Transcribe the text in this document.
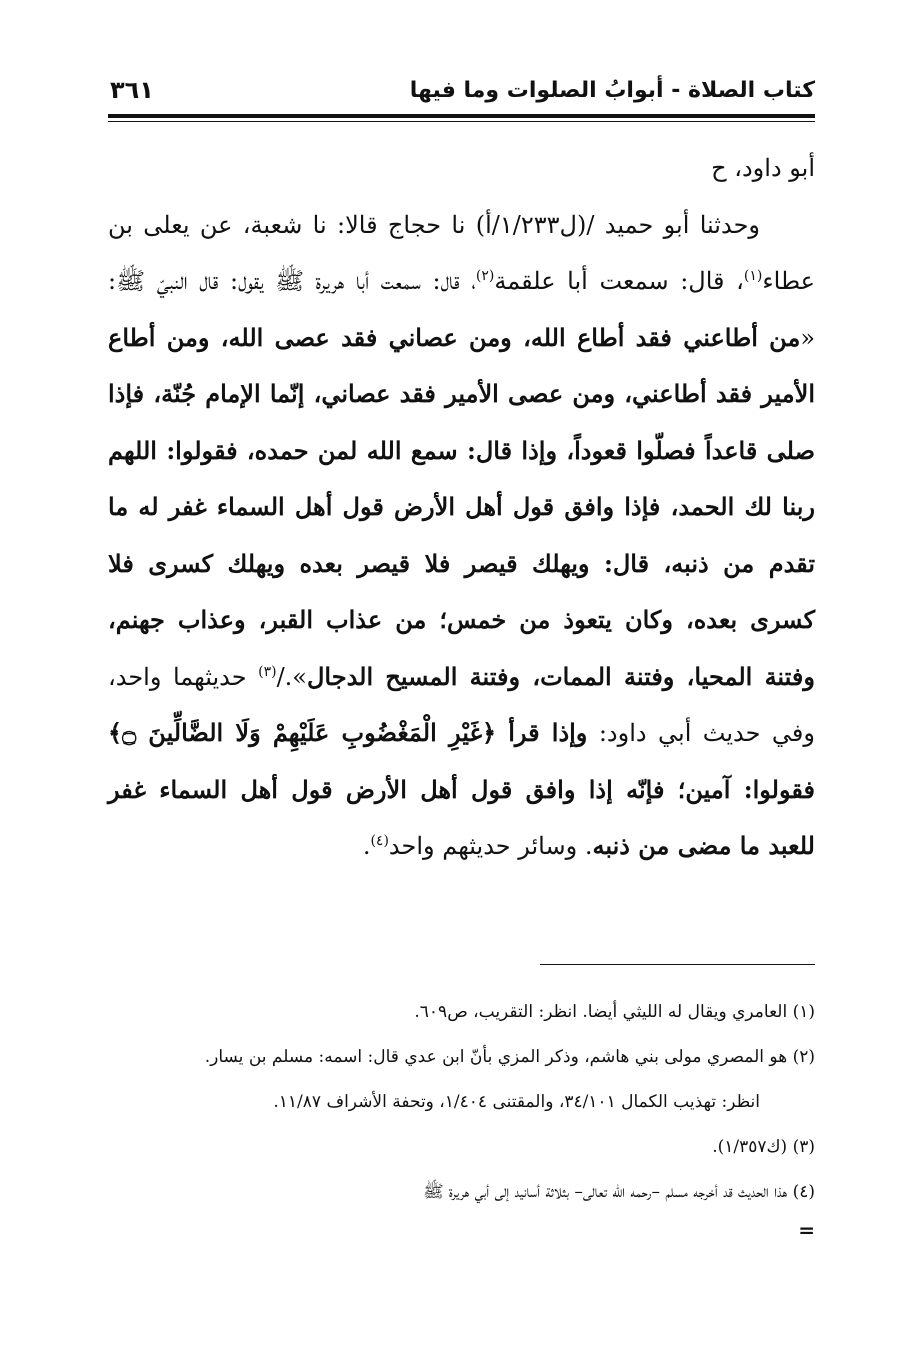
كتاب الصلاة - أبوابُ الصلوات وما فيها
٣٦١

أبو داود، ح

وحدثنا أبو حميد /(ل١/٢٣٣/أ) نا حجاج قالا: نا شعبة، عن يعلى بن عطاء$^{(١)}$، قال: سمعت أبا علقمة$^{(٢)}$، قال: سمعت أبا هريرة ﷺ يقول: قال النبيّ ﷺ: «من أطاعني فقد أطاع الله، ومن عصاني فقد عصى الله، ومن أطاع الأمير فقد أطاعني، ومن عصى الأمير فقد عصاني، إنّما الإمام جُنّة، فإذا صلى قاعداً فصلّوا قعوداً، وإذا قال: سمع الله لمن حمده، فقولوا: اللهم ربنا لك الحمد، فإذا وافق قول أهل الأرض قول أهل السماء غفر له ما تقدم من ذنبه، قال: ويهلك قيصر فلا قيصر بعده ويهلك كسرى فلا كسرى بعده، وكان يتعوذ من خمس؛ من عذاب القبر، وعذاب جهنم، وفتنة المحيا، وفتنة الممات، وفتنة المسيح الدجال»./$^{(٣)}$ حديثهما واحد، وفي حديث أبي داود: وإذا قرأ ﴿غَيْرِ الْمَغْضُوبِ عَلَيْهِمْ وَلَا الضَّالِّينَ ۝﴾ فقولوا: آمين؛ فإنّه إذا وافق قول أهل الأرض قول أهل السماء غفر للعبد ما مضى من ذنبه. وسائر حديثهم واحد$^{(٤)}$.

(١) العامري ويقال له الليثي أيضا. انظر: التقريب، ص٦٠٩.

(٢) هو المصري مولى بني هاشم، وذكر المزي بأنّ ابن عدي قال: اسمه: مسلم بن يسار.

انظر: تهذيب الكمال ٣٤/١٠١، والمقتنى ١/٤٠٤، وتحفة الأشراف ١١/٨٧.

(٣) (ك١/٣٥٧).

(٤) هذا الحديث قد أخرجه مسلم –رحمه الله تعالى– بثلاثة أسانيد إلى أبي هريرة ﷺ

=
